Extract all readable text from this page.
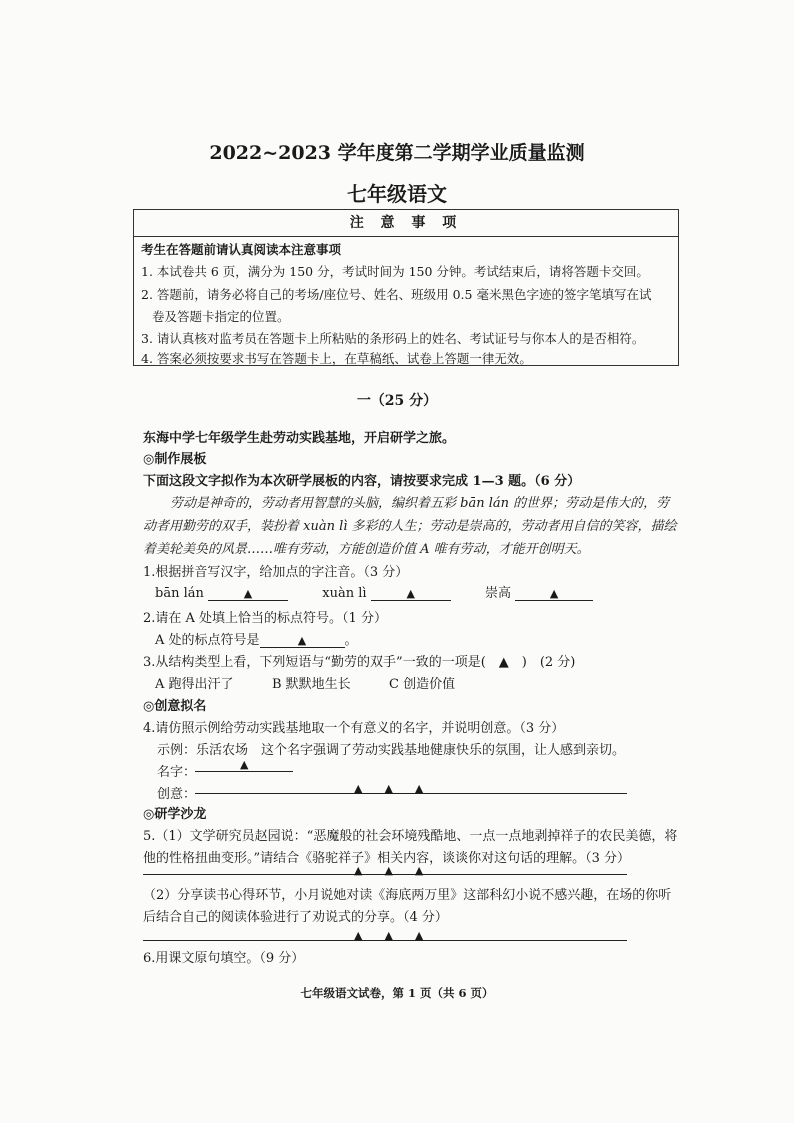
2022~2023 学年度第二学期学业质量监测
七年级语文
注 意 事 项
考生在答题前请认真阅读本注意事项
1. 本试卷共 6 页，满分为 150 分，考试时间为 150 分钟。考试结束后，请将答题卡交回。
2. 答题前，请务必将自己的考场/座位号、姓名、班级用 0.5 毫米黑色字迹的签字笔填写在试
卷及答题卡指定的位置。
3. 请认真核对监考员在答题卡上所粘贴的条形码上的姓名、考试证号与你本人的是否相符。
4. 答案必须按要求书写在答题卡上，在草稿纸、试卷上答题一律无效。
一（25 分）
东海中学七年级学生赴劳动实践基地，开启研学之旅。
◎制作展板
下面这段文字拟作为本次研学展板的内容，请按要求完成 1—3 题。（6 分）
劳动是神奇的，劳动者用智慧的头脑，编织着五彩 bān lán 的世界；劳动是伟大的，劳
动者用勤劳的双手，装扮着 xuàn lì 多彩的人生；劳动是崇高的，劳动者用自信的笑容，描绘
着美轮美奂的风景……唯有劳动，方能创造价值 A 唯有劳动，才能开创明天。
1.根据拼音写汉字，给加点的字注音。（3 分）
bān lán	▲	xuàn lì	▲	崇高	▲
2.请在 A 处填上恰当的标点符号。（1 分）
A 处的标点符号是	▲	。
3.从结构类型上看，下列短语与“勤劳的双手”一致的一项是(　▲　)　(2 分)
A 跑得出汗了	B 默默地生长	C 创造价值
◎创意拟名
4.请仿照示例给劳动实践基地取一个有意义的名字，并说明创意。（3 分）
示例：乐活农场　这个名字强调了劳动实践基地健康快乐的氛围，让人感到亲切。
名字：
▲
创意：	▲　　▲　　▲
◎研学沙龙
5.（1）文学研究员赵园说：“恶魔般的社会环境残酷地、一点一点地剥掉祥子的农民美德，将
他的性格扭曲变形。”请结合《骆驼祥子》相关内容，谈谈你对这句话的理解。（3 分）
▲　　▲　　▲
（2）分享读书心得环节，小月说她对读《海底两万里》这部科幻小说不感兴趣，在场的你听
后结合自己的阅读体验进行了劝说式的分享。（4 分）
▲　　▲　　▲
6.用课文原句填空。（9 分）
七年级语文试卷，第 1 页（共 6 页）
